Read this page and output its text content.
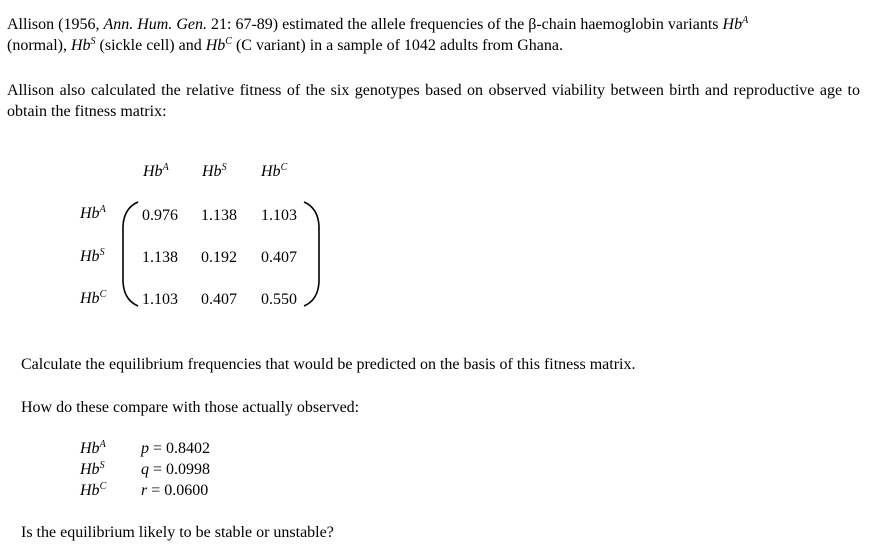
Allison (1956, Ann. Hum. Gen. 21: 67-89) estimated the allele frequencies of the β-chain haemoglobin variants $Hb^A$
(normal), $Hb^S$ (sickle cell) and $Hb^C$ (C variant) in a sample of 1042 adults from Ghana.
Allison also calculated the relative fitness of the six genotypes based on observed viability between birth and reproductive age to obtain the fitness matrix:
$Hb^A$ $Hb^S$ $Hb^C$
$Hb^A$
$Hb^S$
$Hb^C$
0.976 1.138 1.103
1.138 0.192 0.407
1.103 0.407 0.550
Calculate the equilibrium frequencies that would be predicted on the basis of this fitness matrix.
How do these compare with those actually observed:
$Hb^A$
$Hb^S$
$Hb^C$
p = 0.8402
q = 0.0998
r = 0.0600
Is the equilibrium likely to be stable or unstable?
